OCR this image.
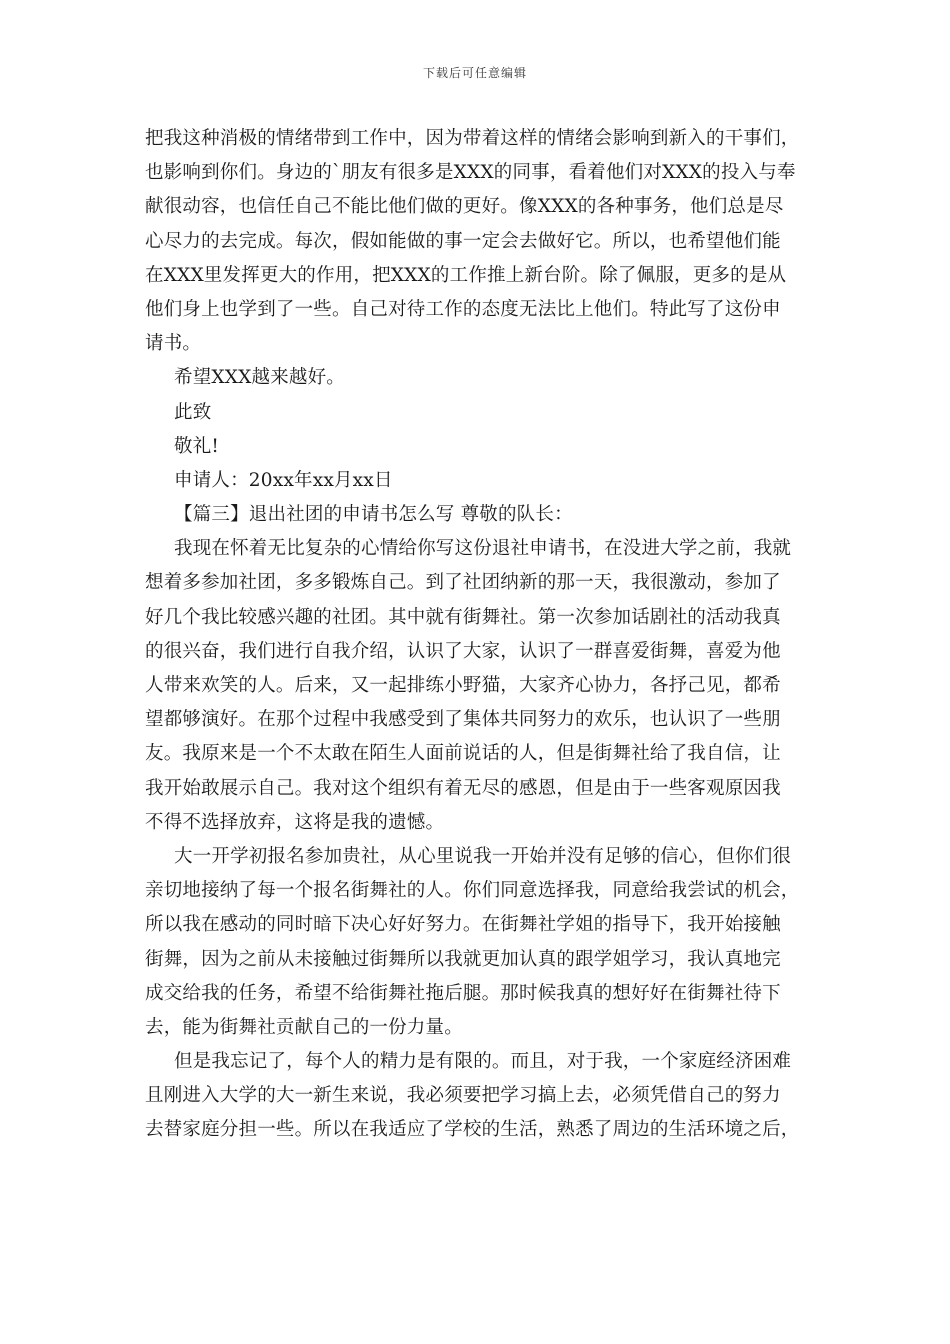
下载后可任意编辑
把我这种消极的情绪带到工作中，因为带着这样的情绪会影响到新入的干事们，
也影响到你们。身边的`朋友有很多是XXX的同事，看着他们对XXX的投入与奉
献很动容，也信任自己不能比他们做的更好。像XXX的各种事务，他们总是尽
心尽力的去完成。每次，假如能做的事一定会去做好它。所以，也希望他们能
在XXX里发挥更大的作用，把XXX的工作推上新台阶。除了佩服，更多的是从
他们身上也学到了一些。自己对待工作的态度无法比上他们。特此写了这份申
请书。
希望XXX越来越好。
此致
敬礼!
申请人：20xx年xx月xx日
【篇三】退出社团的申请书怎么写 尊敬的队长：
我现在怀着无比复杂的心情给你写这份退社申请书，在没进大学之前，我就
想着多参加社团，多多锻炼自己。到了社团纳新的那一天，我很激动，参加了
好几个我比较感兴趣的社团。其中就有街舞社。第一次参加话剧社的活动我真
的很兴奋，我们进行自我介绍，认识了大家，认识了一群喜爱街舞，喜爱为他
人带来欢笑的人。后来，又一起排练小野猫，大家齐心协力，各抒己见，都希
望都够演好。在那个过程中我感受到了集体共同努力的欢乐，也认识了一些朋
友。我原来是一个不太敢在陌生人面前说话的人，但是街舞社给了我自信，让
我开始敢展示自己。我对这个组织有着无尽的感恩，但是由于一些客观原因我
不得不选择放弃，这将是我的遗憾。
大一开学初报名参加贵社，从心里说我一开始并没有足够的信心，但你们很
亲切地接纳了每一个报名街舞社的人。你们同意选择我，同意给我尝试的机会，
所以我在感动的同时暗下决心好好努力。在街舞社学姐的指导下，我开始接触
街舞，因为之前从未接触过街舞所以我就更加认真的跟学姐学习，我认真地完
成交给我的任务，希望不给街舞社拖后腿。那时候我真的想好好在街舞社待下
去，能为街舞社贡献自己的一份力量。
但是我忘记了，每个人的精力是有限的。而且，对于我，一个家庭经济困难
且刚进入大学的大一新生来说，我必须要把学习搞上去，必须凭借自己的努力
去替家庭分担一些。所以在我适应了学校的生活，熟悉了周边的生活环境之后，
